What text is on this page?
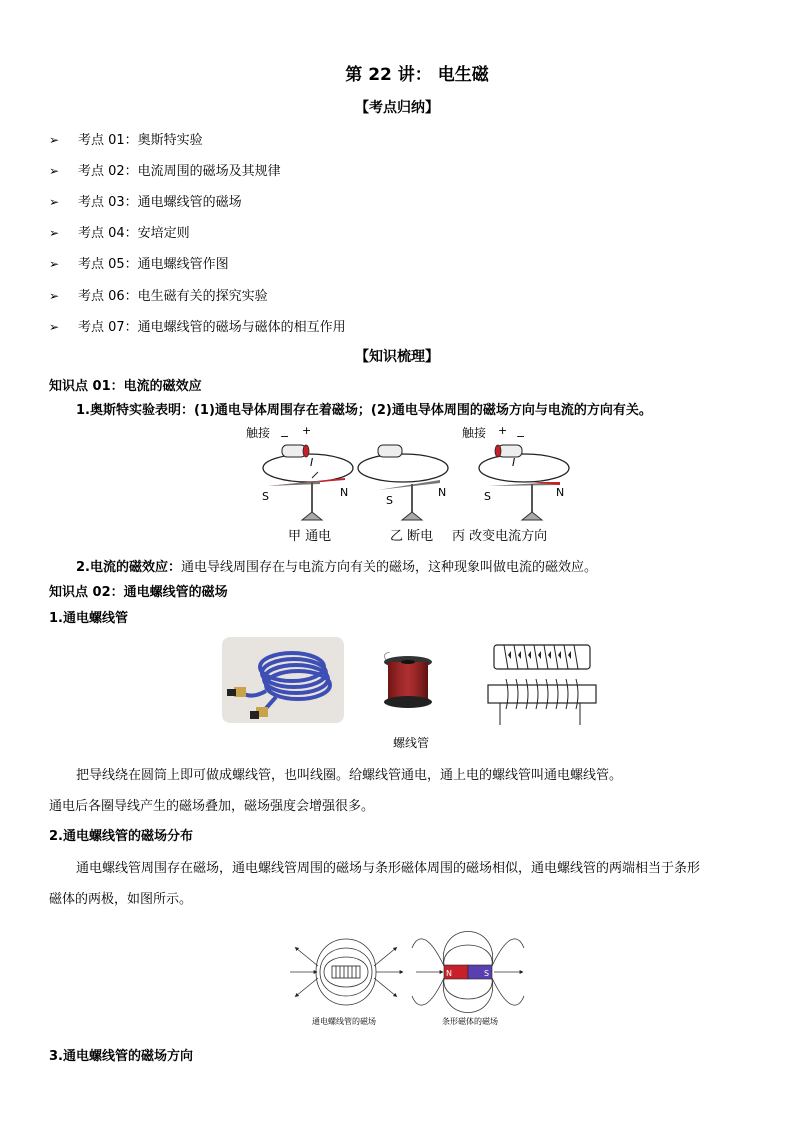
第 22 讲： 电生磁
【考点归纳】
➢ 考点 01：奥斯特实验
➢ 考点 02：电流周围的磁场及其规律
➢ 考点 03：通电螺线管的磁场
➢ 考点 04：安培定则
➢ 考点 05：通电螺线管作图
➢ 考点 06：电生磁有关的探究实验
➢ 考点 07：通电螺线管的磁场与磁体的相互作用
【知识梳理】
知识点 01：电流的磁效应
1.奥斯特实验表明：(1)通电导体周围存在着磁场；(2)通电导体周围的磁场方向与电流的方向有关。
触接 − +
I
S	N
甲 通电
S
N
乙 断电
触接 + −
I
S	N
丙 改变电流方向
2.电流的磁效应：通电导线周围存在与电流方向有关的磁场，这种现象叫做电流的磁效应。
知识点 02：通电螺线管的磁场
1.通电螺线管
螺线管
把导线绕在圆筒上即可做成螺线管，也叫线圈。给螺线管通电，通上电的螺线管叫通电螺线管。
通电后各圈导线产生的磁场叠加，磁场强度会增强很多。
2.通电螺线管的磁场分布
通电螺线管周围存在磁场，通电螺线管周围的磁场与条形磁体周围的磁场相似，通电螺线管的两端相当于条形
磁体的两极，如图所示。
通电螺线管的磁场
N	S
条形磁体的磁场
3.通电螺线管的磁场方向
